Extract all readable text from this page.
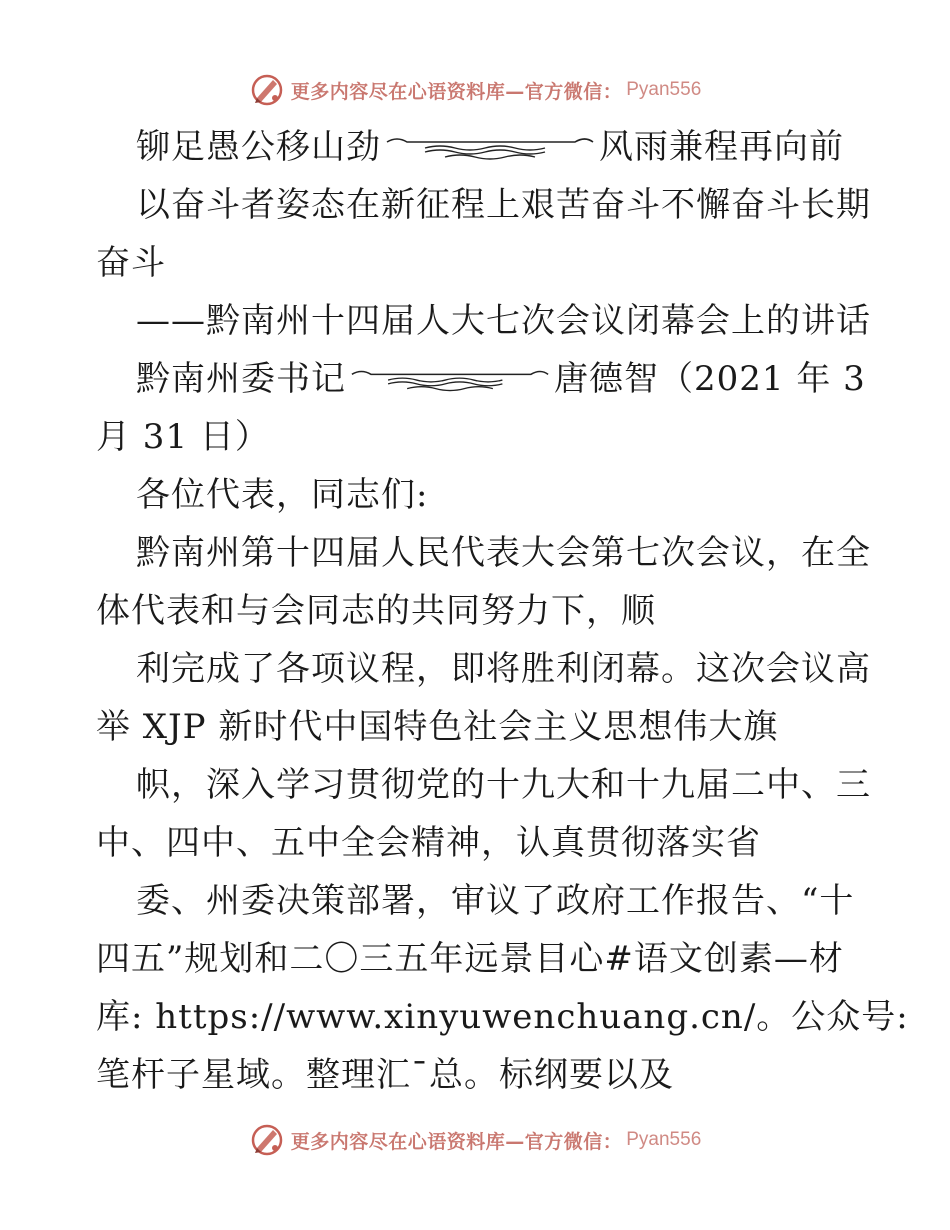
更多内容尽在心语资料库—官方微信： Pyan556
铆足愚公移山劲	风雨兼程再向前
以奋斗者姿态在新征程上艰苦奋斗不懈奋斗长期
奋斗
——黔南州十四届人大七次会议闭幕会上的讲话
黔南州委书记	唐德智（2021 年 3
月 31 日）
各位代表，同志们:
黔南州第十四届人民代表大会第七次会议，在全
体代表和与会同志的共同努力下，顺
利完成了各项议程，即将胜利闭幕。这次会议高
举 XJP 新时代中国特色社会主义思想伟大旗
帜，深入学习贯彻党的十九大和十九届二中、三
中、四中、五中全会精神，认真贯彻落实省
委、州委决策部署，审议了政府工作报告、“十
四五”规划和二〇三五年远景目心#语文创素—材
库: https://www.xinyuwenchuang.cn/。公众号:
笔杆子星域。整理汇¯总。标纲要以及
更多内容尽在心语资料库—官方微信： Pyan556
